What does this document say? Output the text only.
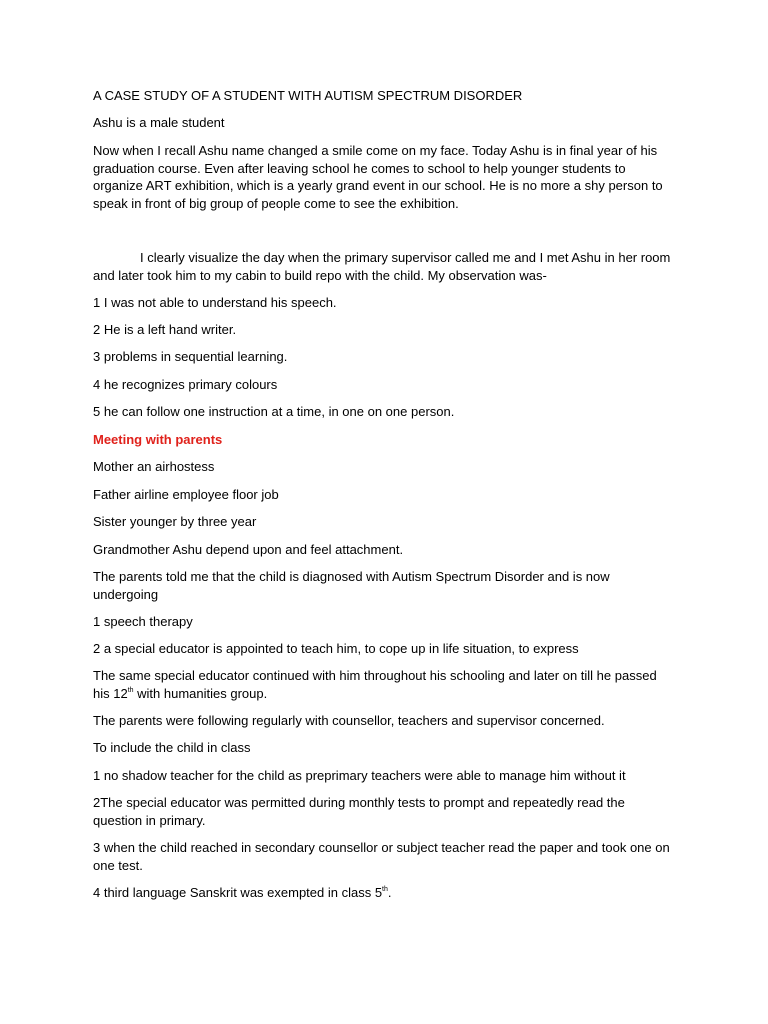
A CASE STUDY OF A STUDENT WITH AUTISM SPECTRUM DISORDER

Ashu is a male student

Now when I recall Ashu name changed a smile come on my face. Today Ashu is in final year of his

graduation course. Even after leaving school he comes to school to help younger students to

organize ART exhibition, which is a yearly grand event in our school. He is no more a shy person to

speak in front of big group of people come to see the exhibition.

I clearly visualize the day when the primary supervisor called me and I met Ashu in her room

and later took him to my cabin to build repo with the child. My observation was-

1 I was not able to understand his speech.

2 He is a left hand writer.

3 problems in sequential learning.

4 he recognizes primary colours

5 he can follow one instruction at a time, in one on one person.

Meeting with parents

Mother an airhostess

Father airline employee floor job

Sister younger by three year

Grandmother Ashu depend upon and feel attachment.

The parents told me that the child is diagnosed with Autism Spectrum Disorder and is now

undergoing

1 speech therapy

2 a special educator is appointed to teach him, to cope up in life situation, to express

The same special educator continued with him throughout his schooling and later on till he passed

his 12th with humanities group.

The parents were following regularly with counsellor, teachers and supervisor concerned.

To include the child in class

1 no shadow teacher for the child as preprimary teachers were able to manage him without it

2The special educator was permitted during monthly tests to prompt and repeatedly read the

question in primary.

3 when the child reached in secondary counsellor or subject teacher read the paper and took one on

one test.

4 third language Sanskrit was exempted in class 5th.
